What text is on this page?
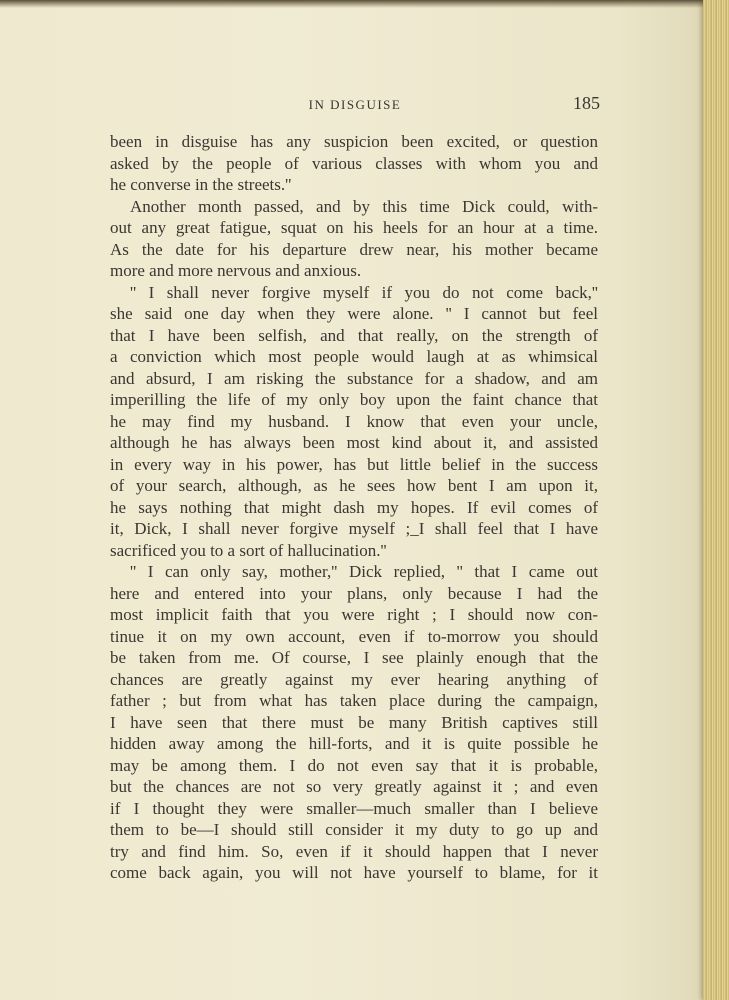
IN DISGUISE	185
been in disguise has any suspicion been excited, or question
asked by the people of various classes with whom you and
he converse in the streets.''
Another month passed, and by this time Dick could, with-
out any great fatigue, squat on his heels for an hour at a time.
As the date for his departure drew near, his mother became
more and more nervous and anxious.
'' I shall never forgive myself if you do not come back,''
she said one day when they were alone. '' I cannot but feel
that I have been selfish, and that really, on the strength of
a conviction which most people would laugh at as whimsical
and absurd, I am risking the substance for a shadow, and am
imperilling the life of my only boy upon the faint chance that
he may find my husband. I know that even your uncle,
although he has always been most kind about it, and assisted
in every way in his power, has but little belief in the success
of your search, although, as he sees how bent I am upon it,
he says nothing that might dash my hopes. If evil comes of
it, Dick, I shall never forgive myself ;_I shall feel that I have
sacrificed you to a sort of hallucination.''
'' I can only say, mother,'' Dick replied, '' that I came out
here and entered into your plans, only because I had the
most implicit faith that you were right ; I should now con-
tinue it on my own account, even if to-morrow you should
be taken from me. Of course, I see plainly enough that the
chances are greatly against my ever hearing anything of
father ; but from what has taken place during the campaign,
I have seen that there must be many British captives still
hidden away among the hill-forts, and it is quite possible he
may be among them. I do not even say that it is probable,
but the chances are not so very greatly against it ; and even
if I thought they were smaller—much smaller than I believe
them to be—I should still consider it my duty to go up and
try and find him. So, even if it should happen that I never
come back again, you will not have yourself to blame, for it
